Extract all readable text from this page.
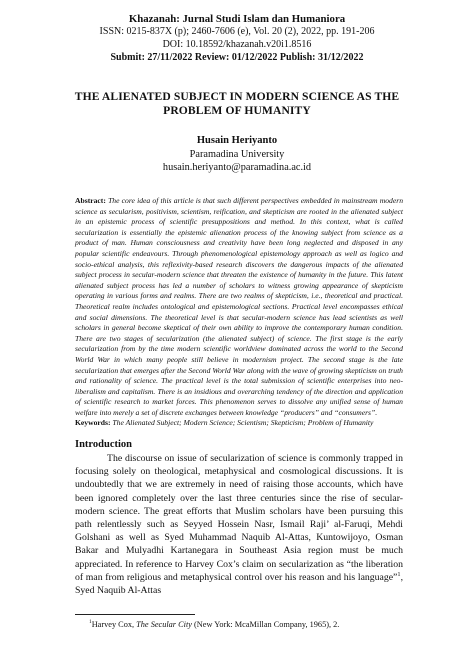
Khazanah: Jurnal Studi Islam dan Humaniora
ISSN: 0215-837X (p); 2460-7606 (e), Vol. 20 (2), 2022, pp. 191-206
DOI: 10.18592/khazanah.v20i1.8516
Submit: 27/11/2022 Review: 01/12/2022 Publish: 31/12/2022
THE ALIENATED SUBJECT IN MODERN SCIENCE AS THE PROBLEM OF HUMANITY
Husain Heriyanto
Paramadina University
husain.heriyanto@paramadina.ac.id
Abstract: The core idea of this article is that such different perspectives embedded in mainstream modern science as secularism, positivism, scientism, reification, and skepticism are rooted in the alienated subject in an epistemic process of scientific presuppositions and method. In this context, what is called secularization is essentially the epistemic alienation process of the knowing subject from science as a product of man. Human consciousness and creativity have been long neglected and disposed in any popular scientific endeavours. Through phenomenological epistemology approach as well as logico and socio-ethical analysis, this reflexivity-based research discovers the dangerous impacts of the alienated subject process in secular-modern science that threaten the existence of humanity in the future. This latent alienated subject process has led a number of scholars to witness growing appearance of skepticism operating in various forms and realms. There are two realms of skepticism, i.e., theoretical and practical. Theoretical realm includes ontological and epistemological sections. Practical level encompasses ethical and social dimensions. The theoretical level is that secular-modern science has lead scientists as well scholars in general become skeptical of their own ability to improve the contemporary human condition. There are two stages of secularization (the alienated subject) of science. The first stage is the early secularization from by the time modern scientific worldview dominated across the world to the Second World War in which many people still believe in modernism project. The second stage is the late secularization that emerges after the Second World War along with the wave of growing skepticism on truth and rationality of science. The practical level is the total submission of scientific enterprises into neo-liberalism and capitalism. There is an insidious and overarching tendency of the direction and application of scientific research to market forces. This phenomenon serves to dissolve any unified sense of human welfare into merely a set of discrete exchanges between knowledge “producers” and “consumers”.
Keywords: The Alienated Subject; Modern Science; Scientism; Skepticism; Problem of Humanity
Introduction
The discourse on issue of secularization of science is commonly trapped in focusing solely on theological, metaphysical and cosmological discussions. It is undoubtedly that we are extremely in need of raising those accounts, which have been ignored completely over the last three centuries since the rise of secular-modern science. The great efforts that Muslim scholars have been pursuing this path relentlessly such as Seyyed Hossein Nasr, Ismail Raji’ al-Faruqi, Mehdi Golshani as well as Syed Muhammad Naquib Al-Attas, Kuntowijoyo, Osman Bakar and Mulyadhi Kartanegara in Southeast Asia region must be much appreciated. In reference to Harvey Cox’s claim on secularization as “the liberation of man from religious and metaphysical control over his reason and his language”$^1$, Syed Naquib Al-Attas
$^1$Harvey Cox, The Secular City (New York: McaMillan Company, 1965), 2.
